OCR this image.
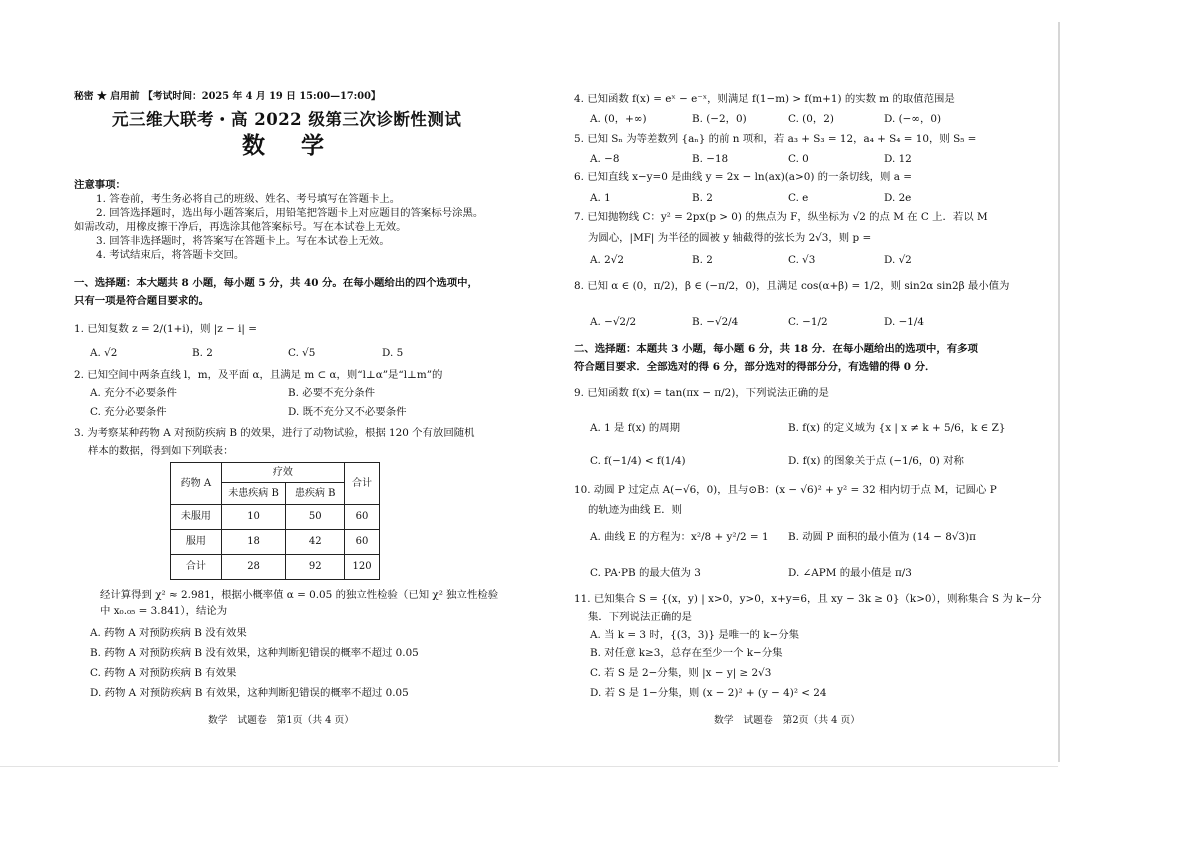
秘密 ★ 启用前 【考试时间：2025 年 4 月 19 日 15:00—17:00】
元三维大联考・高 2022 级第三次诊断性测试
数 学
注意事项：
1. 答卷前，考生务必将自己的班级、姓名、考号填写在答题卡上。
2. 回答选择题时，选出每小题答案后，用铅笔把答题卡上对应题目的答案标号涂黑。
如需改动，用橡皮擦干净后，再选涂其他答案标号。写在本试卷上无效。
3. 回答非选择题时，将答案写在答题卡上。写在本试卷上无效。
4. 考试结束后，将答题卡交回。
一、选择题：本大题共 8 小题，每小题 5 分，共 40 分。在每小题给出的四个选项中，
只有一项是符合题目要求的。
1. 已知复数 z = 2/(1+i)，则 |z − i| =
A. √2	B. 2	C. √5	D. 5
2. 已知空间中两条直线 l，m，及平面 α，且满足 m ⊂ α，则“l⊥α”是“l⊥m”的
A. 充分不必要条件	B. 必要不充分条件
C. 充分必要条件	D. 既不充分又不必要条件
3. 为考察某种药物 A 对预防疾病 B 的效果，进行了动物试验，根据 120 个有放回随机
样本的数据，得到如下列联表：
药物 A	疗效		合计
	未患疾病 B	患疾病 B	
未服用	10	50	60
服用	18	42	60
合计	28	92	120
经计算得到 χ² ≈ 2.981，根据小概率值 α = 0.05 的独立性检验（已知 χ² 独立性检验
中 x₀.₀₅ = 3.841），结论为
A. 药物 A 对预防疾病 B 没有效果
B. 药物 A 对预防疾病 B 没有效果，这种判断犯错误的概率不超过 0.05
C. 药物 A 对预防疾病 B 有效果
D. 药物 A 对预防疾病 B 有效果，这种判断犯错误的概率不超过 0.05
数学　试题卷　第1页（共 4 页）
4. 已知函数 f(x) = eˣ − e⁻ˣ，则满足 f(1−m) > f(m+1) 的实数 m 的取值范围是
A. (0，+∞)	B. (−2，0)	C. (0，2)	D. (−∞，0)
5. 已知 Sₙ 为等差数列 {aₙ} 的前 n 项和，若 a₃ + S₃ = 12，a₄ + S₄ = 10，则 S₅ =
A. −8	B. −18	C. 0	D. 12
6. 已知直线 x−y=0 是曲线 y = 2x − ln(ax)(a>0) 的一条切线，则 a =
A. 1	B. 2	C. e	D. 2e
7. 已知抛物线 C：y² = 2px(p > 0) 的焦点为 F，纵坐标为 √2 的点 M 在 C 上．若以 M
为圆心，|MF| 为半径的圆被 y 轴截得的弦长为 2√3，则 p =
A. 2√2	B. 2	C. √3	D. √2
8. 已知 α ∈ (0，π/2)，β ∈ (−π/2，0)，且满足 cos(α+β) = 1/2，则 sin2α sin2β 最小值为
A. −√2/2	B. −√2/4	C. −1/2	D. −1/4
二、选择题：本题共 3 小题，每小题 6 分，共 18 分．在每小题给出的选项中，有多项
符合题目要求．全部选对的得 6 分，部分选对的得部分分，有选错的得 0 分．
9. 已知函数 f(x) = tan(πx − π/2)，下列说法正确的是
A. 1 是 f(x) 的周期	B. f(x) 的定义域为 {x | x ≠ k + 5/6，k ∈ Z}
C. f(−1/4) < f(1/4)	D. f(x) 的图象关于点 (−1/6，0) 对称
10. 动圆 P 过定点 A(−√6，0)，且与⊙B：(x − √6)² + y² = 32 相内切于点 M，记圆心 P
的轨迹为曲线 E．则
A. 曲线 E 的方程为：x²/8 + y²/2 = 1 B. 动圆 P 面积的最小值为 (14 − 8√3)π
C. PA·PB 的最大值为 3	D. ∠APM 的最小值是 π/3
11. 已知集合 S = {(x，y) | x>0，y>0，x+y=6，且 xy − 3k ≥ 0}（k>0），则称集合 S 为 k−分
集．下列说法正确的是
A. 当 k = 3 时，{(3，3)} 是唯一的 k−分集
B. 对任意 k≥3，总存在至少一个 k−分集
C. 若 S 是 2−分集，则 |x − y| ≥ 2√3
D. 若 S 是 1−分集，则 (x − 2)² + (y − 4)² < 24
数学　试题卷　第2页（共 4 页）
